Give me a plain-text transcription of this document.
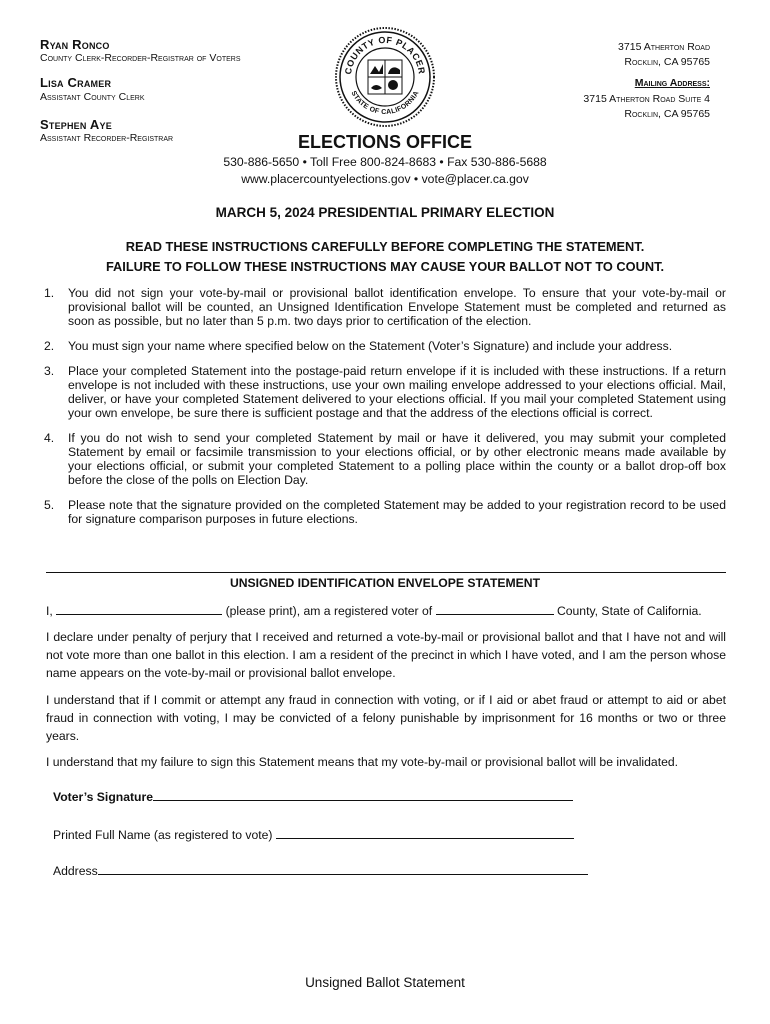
Ryan Ronco
County Clerk-Recorder-Registrar of Voters
Lisa Cramer
Assistant County Clerk
Stephen Aye
Assistant Recorder-Registrar
3715 Atherton Road
Rocklin, CA 95765
Mailing Address:
3715 Atherton Road Suite 4
Rocklin, CA 95765
COUNTY OF PLACER
STATE OF CALIFORNIA
ELECTIONS OFFICE
530-886-5650 • Toll Free 800-824-8683 • Fax 530-886-5688
www.placercountyelections.gov • vote@placer.ca.gov
MARCH 5, 2024 PRESIDENTIAL PRIMARY ELECTION
READ THESE INSTRUCTIONS CAREFULLY BEFORE COMPLETING THE STATEMENT.
FAILURE TO FOLLOW THESE INSTRUCTIONS MAY CAUSE YOUR BALLOT NOT TO COUNT.
1. You did not sign your vote-by-mail or provisional ballot identification envelope. To ensure that your vote-by-mail or provisional ballot will be counted, an Unsigned Identification Envelope Statement must be completed and returned as soon as possible, but no later than 5 p.m. two days prior to certification of the election.
2. You must sign your name where specified below on the Statement (Voter’s Signature) and include your address.
3. Place your completed Statement into the postage-paid return envelope if it is included with these instructions. If a return envelope is not included with these instructions, use your own mailing envelope addressed to your elections official. Mail, deliver, or have your completed Statement delivered to your elections official. If you mail your completed Statement using your own envelope, be sure there is sufficient postage and that the address of the elections official is correct.
4. If you do not wish to send your completed Statement by mail or have it delivered, you may submit your completed Statement by email or facsimile transmission to your elections official, or by other electronic means made available by your elections official, or submit your completed Statement to a polling place within the county or a ballot drop-off box before the close of the polls on Election Day.
5. Please note that the signature provided on the completed Statement may be added to your registration record to be used for signature comparison purposes in future elections.
UNSIGNED IDENTIFICATION ENVELOPE STATEMENT
I,	(please print), am a registered voter of	County, State of California.
I declare under penalty of perjury that I received and returned a vote-by-mail or provisional ballot and that I have not and will not vote more than one ballot in this election. I am a resident of the precinct in which I have voted, and I am the person whose name appears on the vote-by-mail or provisional ballot envelope.
I understand that if I commit or attempt any fraud in connection with voting, or if I aid or abet fraud or attempt to aid or abet fraud in connection with voting, I may be convicted of a felony punishable by imprisonment for 16 months or two or three years.
I understand that my failure to sign this Statement means that my vote-by-mail or provisional ballot will be invalidated.
Voter’s Signature
Printed Full Name (as registered to vote)
Address
Unsigned Ballot Statement
